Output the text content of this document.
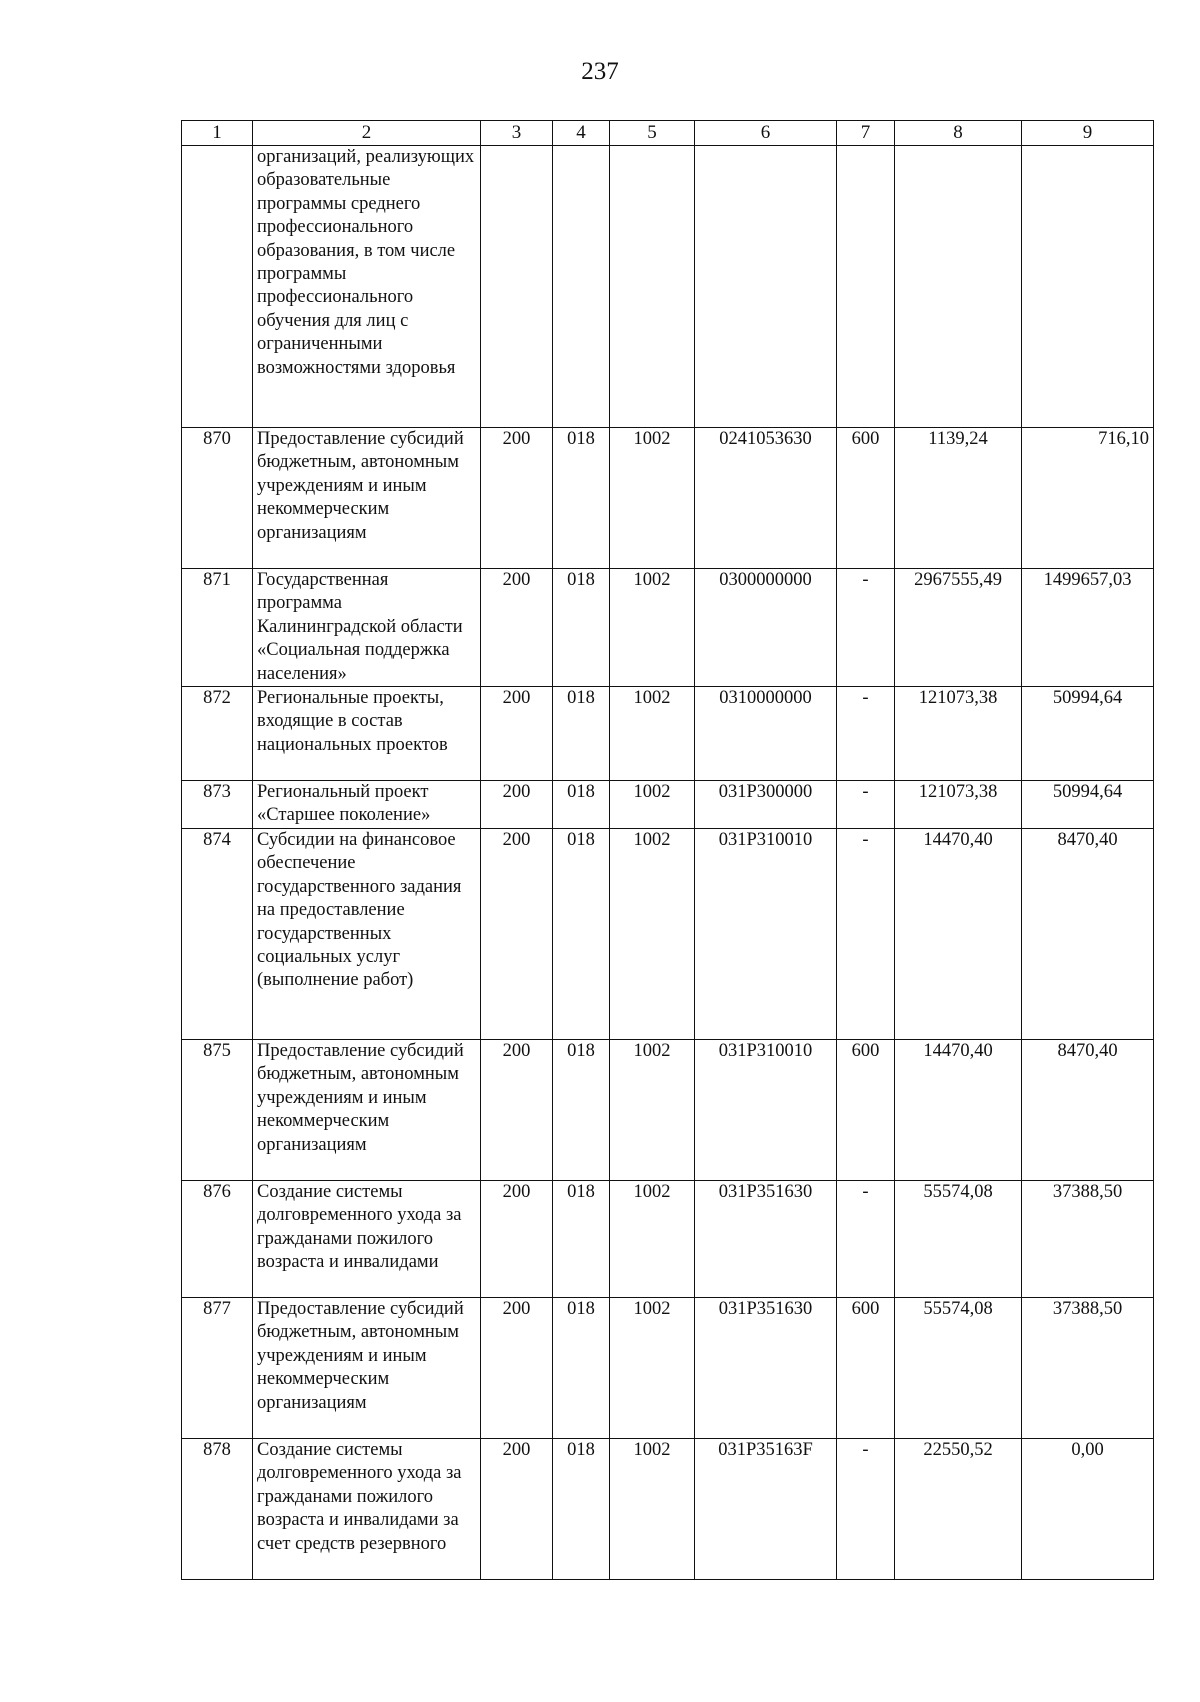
237
1	2	3	4	5	6	7	8	9
	организаций, реализующих образовательные программы среднего профессионального образования, в том числе программы профессионального обучения для лиц с ограниченными возможностями здоровья							
870	Предоставление субсидий бюджетным, автономным учреждениям и иным некоммерческим организациям	200	018	1002	0241053630	600	1139,24	716,10
871	Государственная программа Калининградской области «Социальная поддержка населения»	200	018	1002	0300000000	-	2967555,49	1499657,03
872	Региональные проекты, входящие в состав национальных проектов	200	018	1002	0310000000	-	121073,38	50994,64
873	Региональный проект «Старшее поколение»	200	018	1002	031P300000	-	121073,38	50994,64
874	Субсидии на финансовое обеспечение государственного задания на предоставление государственных социальных услуг (выполнение работ)	200	018	1002	031P310010	-	14470,40	8470,40
875	Предоставление субсидий бюджетным, автономным учреждениям и иным некоммерческим организациям	200	018	1002	031P310010	600	14470,40	8470,40
876	Создание системы долговременного ухода за гражданами пожилого возраста и инвалидами	200	018	1002	031P351630	-	55574,08	37388,50
877	Предоставление субсидий бюджетным, автономным учреждениям и иным некоммерческим организациям	200	018	1002	031P351630	600	55574,08	37388,50
878	Создание системы долговременного ухода за гражданами пожилого возраста и инвалидами за счет средств резервного	200	018	1002	031P35163F	-	22550,52	0,00
